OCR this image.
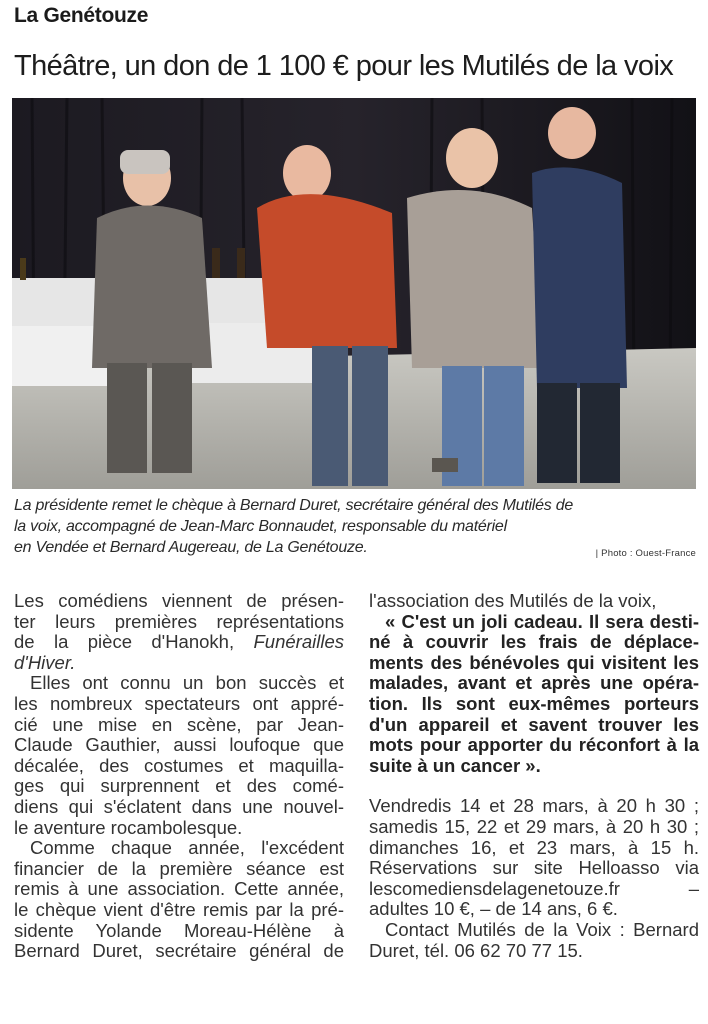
La Genétouze
Théâtre, un don de 1 100 € pour les Mutilés de la voix
La présidente remet le chèque à Bernard Duret, secrétaire général des Mutilés de
la voix, accompagné de Jean-Marc Bonnaudet, responsable du matériel
en Vendée et Bernard Augereau, de La Genétouze.	| Photo : Ouest-France

Les comédiens viennent de présen-
ter leurs premières représentations
de la pièce d'Hanokh, Funérailles
d'Hiver.

Elles ont connu un bon succès et
les nombreux spectateurs ont appré-
cié une mise en scène, par Jean-
Claude Gauthier, aussi loufoque que
décalée, des costumes et maquilla-
ges qui surprennent et des comé-
diens qui s'éclatent dans une nouvel-
le aventure rocambolesque.

Comme chaque année, l'excédent
financier de la première séance est
remis à une association. Cette année,
le chèque vient d'être remis par la pré-
sidente Yolande Moreau-Hélène à
Bernard Duret, secrétaire général de

l'association des Mutilés de la voix,

« C'est un joli cadeau. Il sera desti-
né à couvrir les frais de déplace-
ments des bénévoles qui visitent les
malades, avant et après une opéra-
tion. Ils sont eux-mêmes porteurs
d'un appareil et savent trouver les
mots pour apporter du réconfort à la
suite à un cancer ».

Vendredis 14 et 28 mars, à 20 h 30 ;
samedis 15, 22 et 29 mars, à 20 h 30 ;
dimanches 16, et 23 mars, à 15 h.
Réservations sur site Helloasso via
lescomediensdelagenetouze.fr –
adultes 10 €, – de 14 ans, 6 €.

Contact Mutilés de la Voix : Bernard
Duret, tél. 06 62 70 77 15.
